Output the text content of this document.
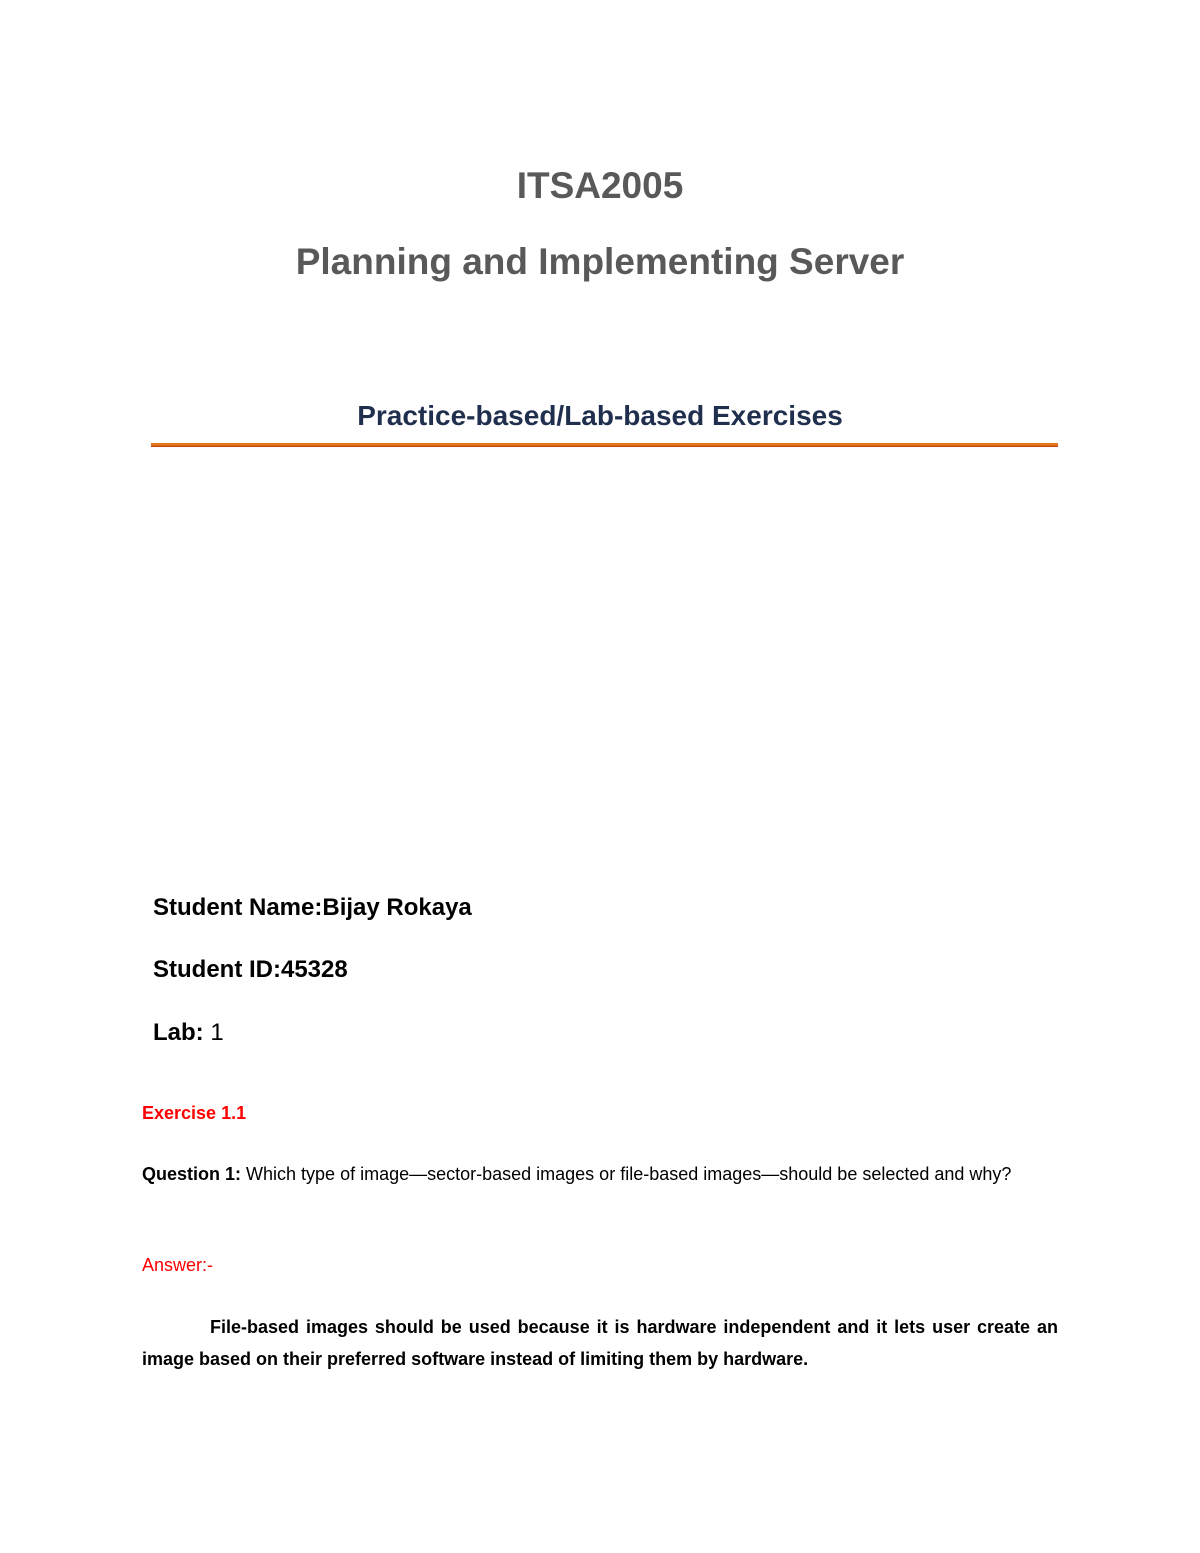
ITSA2005
Planning and Implementing Server
Practice-based/Lab-based Exercises
Student Name:Bijay Rokaya
Student ID:45328
Lab: 1
Exercise 1.1
Question 1: Which type of image—sector-based images or file-based images—should be selected and why?
Answer:-
File-based images should be used because it is hardware independent and it lets user create an image based on their preferred software instead of limiting them by hardware.
